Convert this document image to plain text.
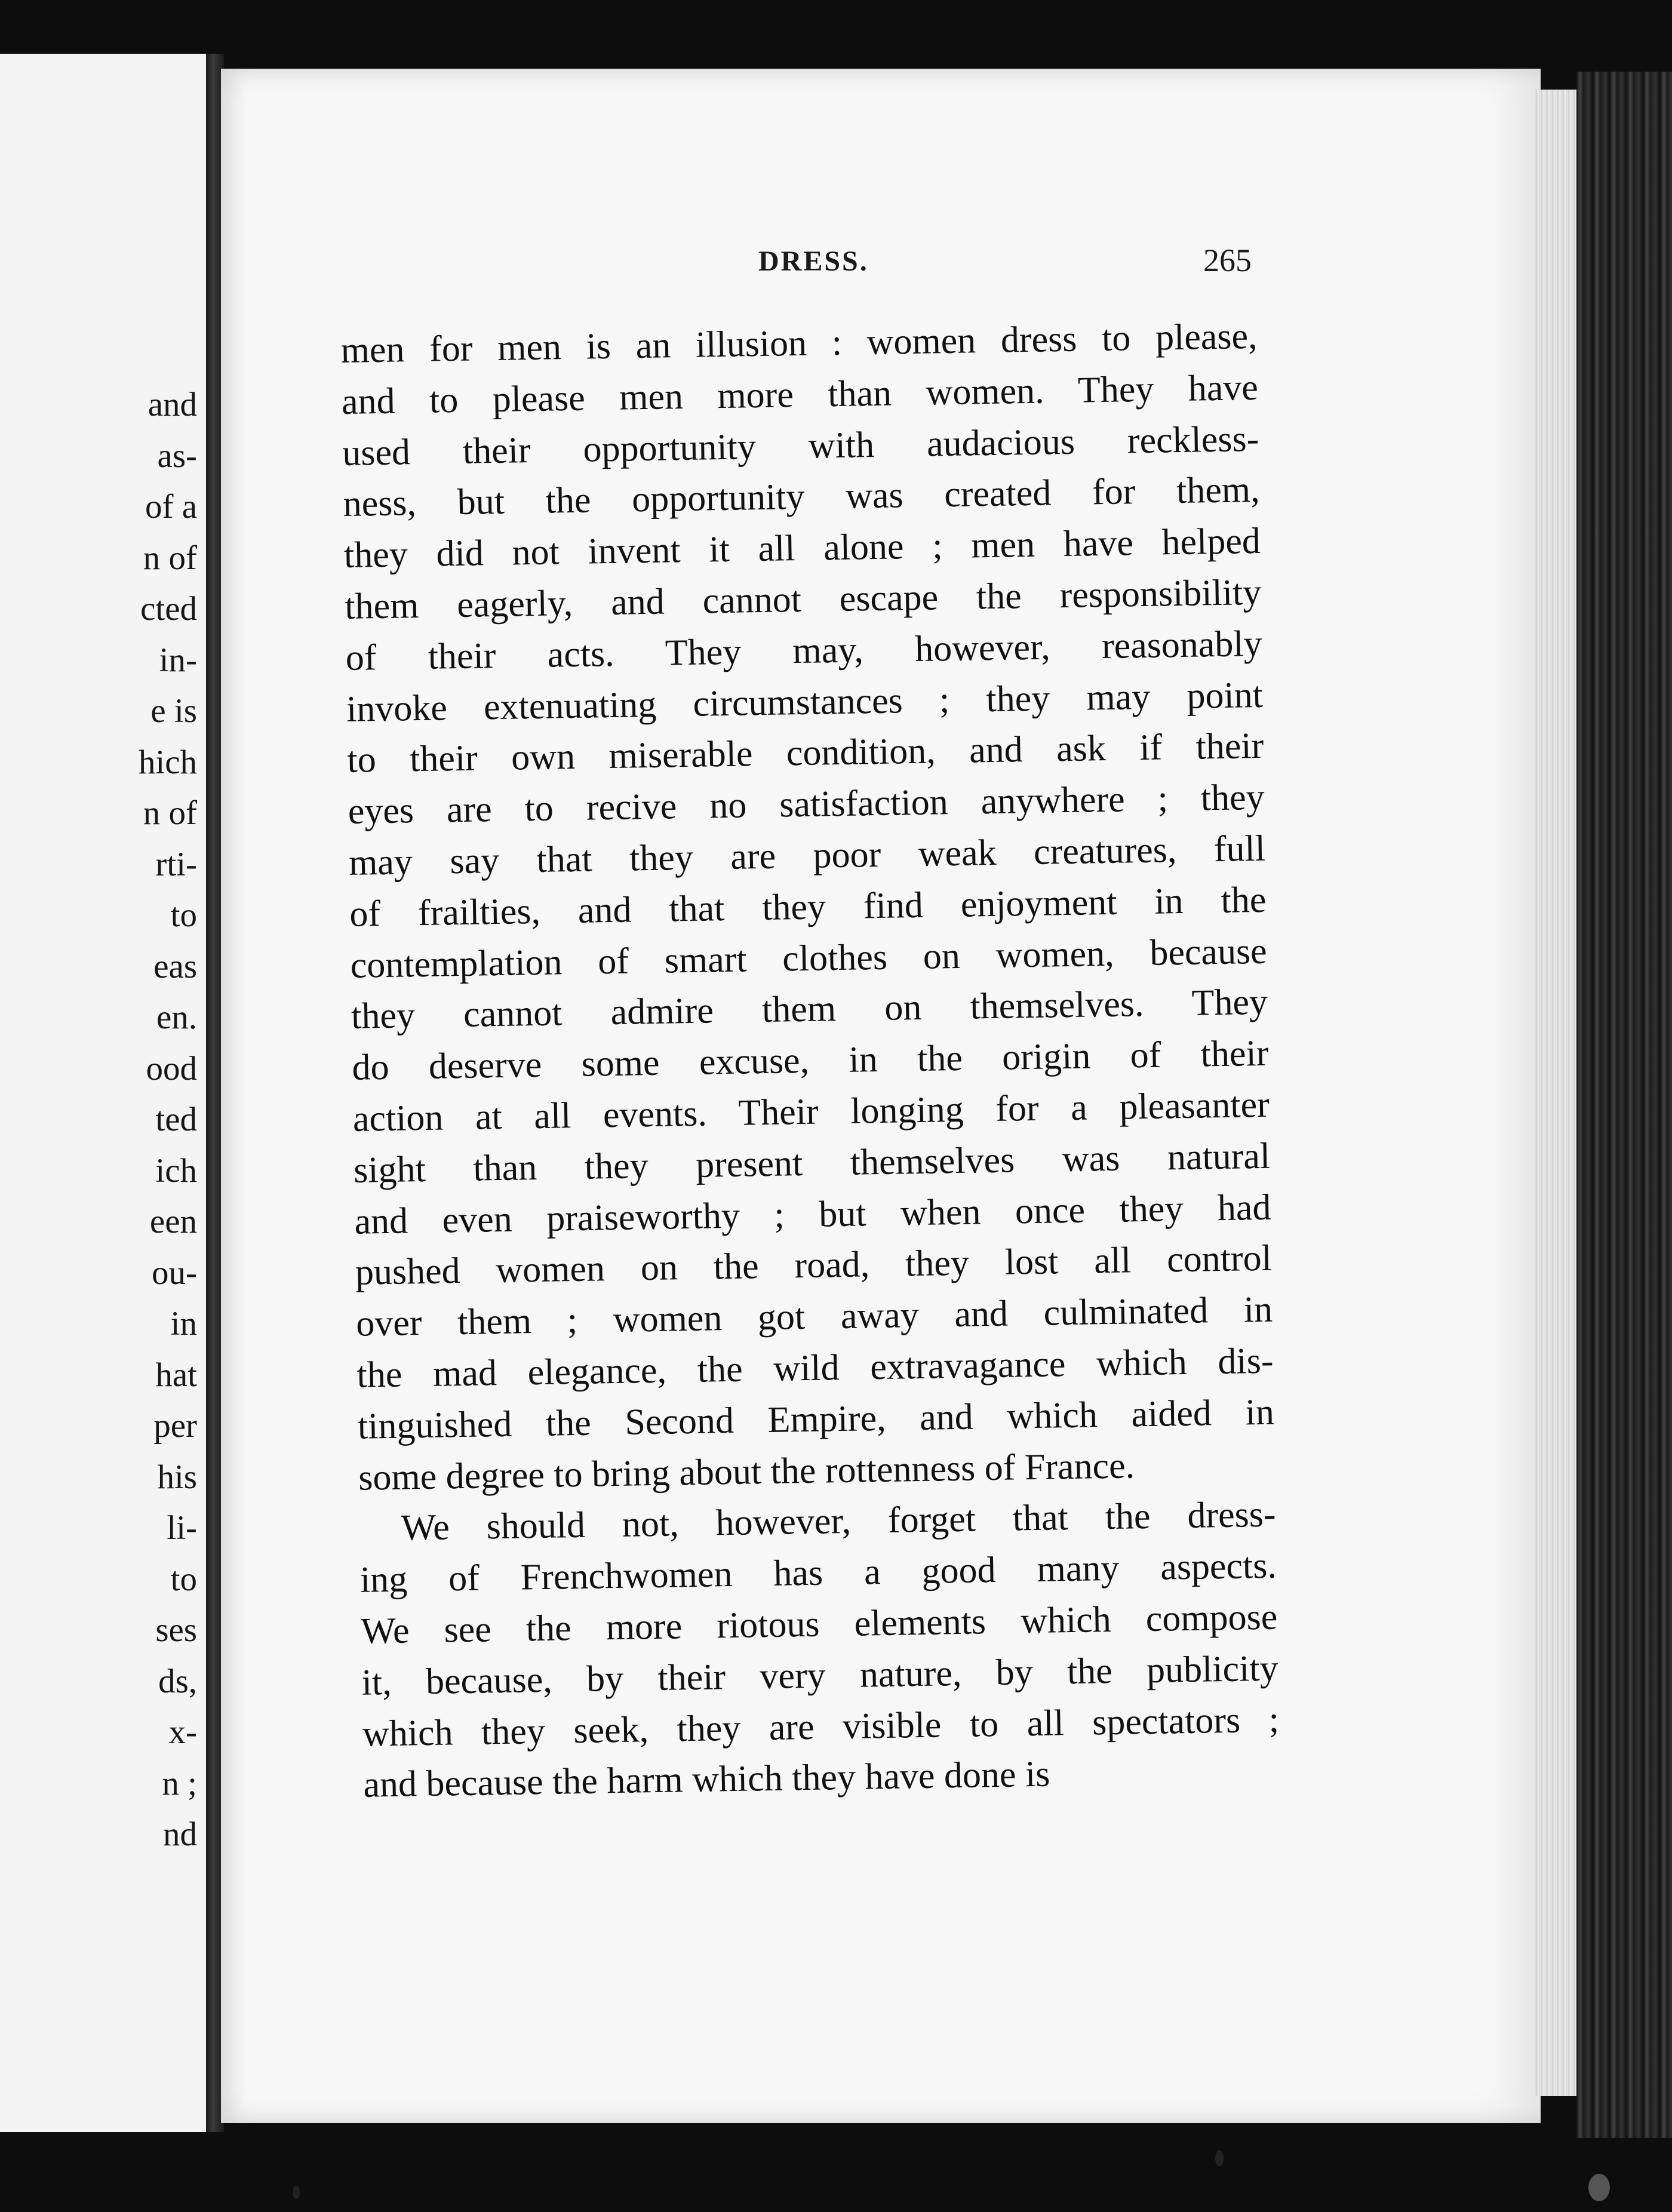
and
as-
of a
n of
cted
in-
e is
hich
n of
rti-
to
eas
en.
ood
ted
ich
een
ou-
in
hat
per
his
li-
to
ses
ds,
x-
n ;
nd
DRESS.	265
men for men is an illusion : women dress to please,
and to please men more than women. They have
used their opportunity with audacious reckless-
ness, but the opportunity was created for them,
they did not invent it all alone ; men have helped
them eagerly, and cannot escape the responsibility
of their acts. They may, however, reasonably
invoke extenuating circumstances ; they may point
to their own miserable condition, and ask if their
eyes are to recive no satisfaction anywhere ; they
may say that they are poor weak creatures, full
of frailties, and that they find enjoyment in the
contemplation of smart clothes on women, because
they cannot admire them on themselves. They
do deserve some excuse, in the origin of their
action at all events. Their longing for a pleasanter
sight than they present themselves was natural
and even praiseworthy ; but when once they had
pushed women on the road, they lost all control
over them ; women got away and culminated in
the mad elegance, the wild extravagance which dis-
tinguished the Second Empire, and which aided in
some degree to bring about the rottenness of France.
We should not, however, forget that the dress-
ing of Frenchwomen has a good many aspects.
We see the more riotous elements which compose
it, because, by their very nature, by the publicity
which they seek, they are visible to all spectators ;
and because the harm which they have done is
